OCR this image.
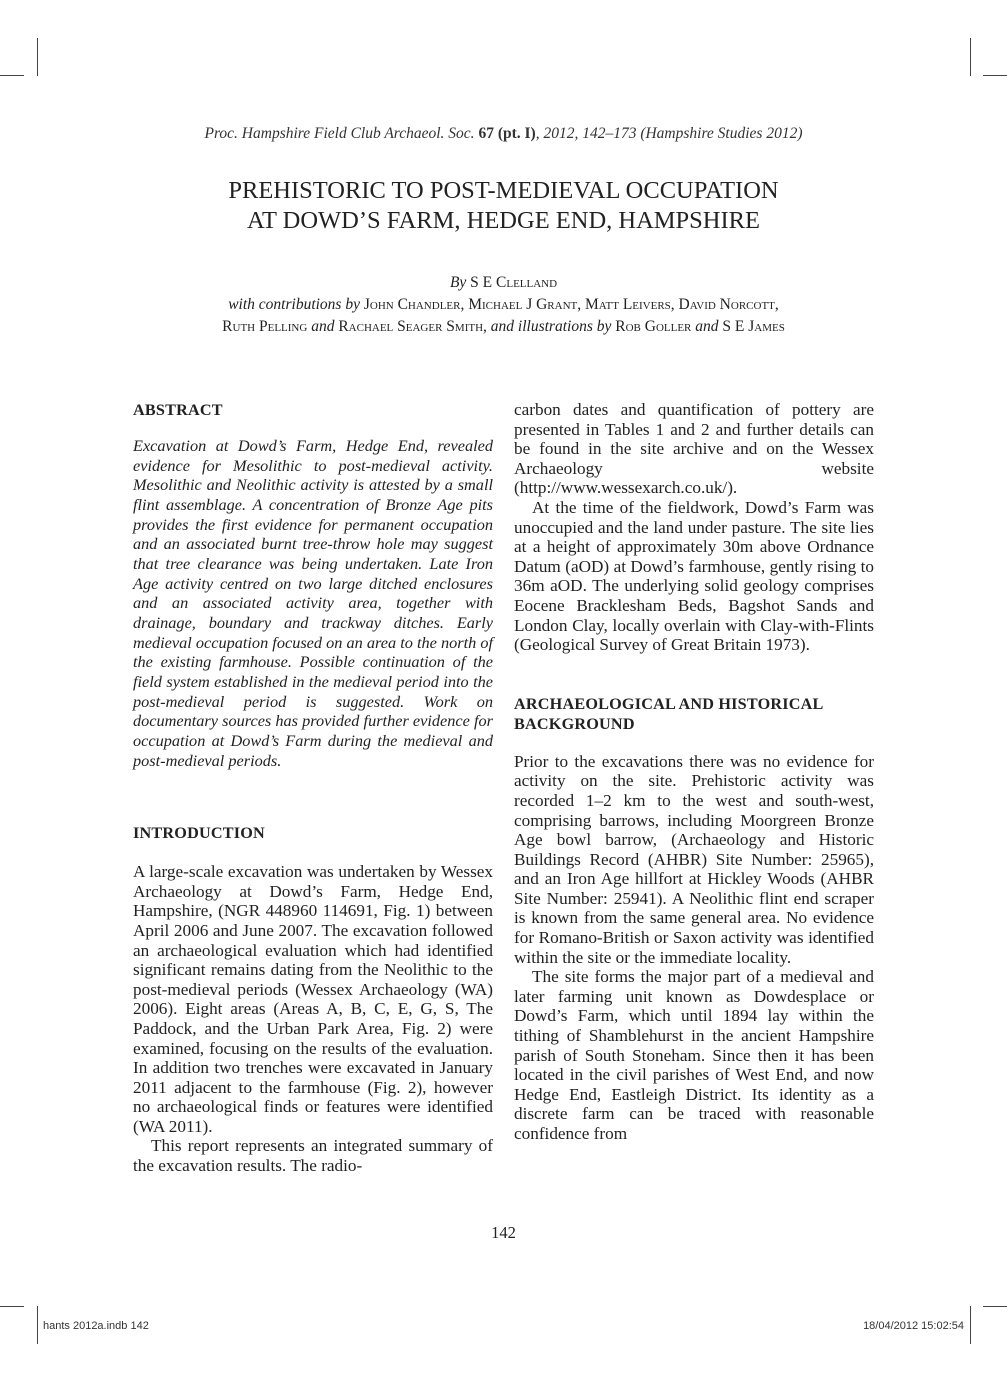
Proc. Hampshire Field Club Archaeol. Soc. 67 (pt. I), 2012, 142–173 (Hampshire Studies 2012)
PREHISTORIC TO POST-MEDIEVAL OCCUPATION
AT DOWD’S FARM, HEDGE END, HAMPSHIRE
By S E Clelland
with contributions by John Chandler, Michael J Grant, Matt Leivers, David Norcott,
Ruth Pelling and Rachael Seager Smith, and illustrations by Rob Goller and S E James
ABSTRACT

Excavation at Dowd’s Farm, Hedge End, revealed evidence for Mesolithic to post-medieval activity. Mesolithic and Neolithic activity is attested by a small flint assemblage. A concentration of Bronze Age pits provides the first evidence for permanent occupation and an associated burnt tree-throw hole may suggest that tree clearance was being undertaken. Late Iron Age activity centred on two large ditched enclosures and an associated activity area, together with drainage, boundary and trackway ditches. Early medieval occupation focused on an area to the north of the existing farmhouse. Possible continuation of the field system established in the medieval period into the post-medieval period is suggested. Work on documentary sources has provided further evidence for occupation at Dowd’s Farm during the medieval and post-medieval periods.

INTRODUCTION

A large-scale excavation was undertaken by Wessex Archaeology at Dowd’s Farm, Hedge End, Hampshire, (NGR 448960 114691, Fig. 1) between April 2006 and June 2007. The excavation followed an archaeological evaluation which had identified significant remains dating from the Neolithic to the post-medieval periods (Wessex Archaeology (WA) 2006). Eight areas (Areas A, B, C, E, G, S, The Paddock, and the Urban Park Area, Fig. 2) were examined, focusing on the results of the evaluation. In addition two trenches were excavated in January 2011 adjacent to the farmhouse (Fig. 2), however no archaeological finds or features were identified (WA 2011).

This report represents an integrated summary of the excavation results. The radio-

carbon dates and quantification of pottery are presented in Tables 1 and 2 and further details can be found in the site archive and on the Wessex Archaeology website (http://www.wessexarch.co.uk/).

At the time of the fieldwork, Dowd’s Farm was unoccupied and the land under pasture. The site lies at a height of approximately 30m above Ordnance Datum (aOD) at Dowd’s farmhouse, gently rising to 36m aOD. The underlying solid geology comprises Eocene Bracklesham Beds, Bagshot Sands and London Clay, locally overlain with Clay-with-Flints (Geological Survey of Great Britain 1973).

ARCHAEOLOGICAL AND HISTORICAL BACKGROUND

Prior to the excavations there was no evidence for activity on the site. Prehistoric activity was recorded 1–2 km to the west and south-west, comprising barrows, including Moorgreen Bronze Age bowl barrow, (Archaeology and Historic Buildings Record (AHBR) Site Number: 25965), and an Iron Age hillfort at Hickley Woods (AHBR Site Number: 25941). A Neolithic flint end scraper is known from the same general area. No evidence for Romano-British or Saxon activity was identified within the site or the immediate locality.

The site forms the major part of a medieval and later farming unit known as Dowdesplace or Dowd’s Farm, which until 1894 lay within the tithing of Shamblehurst in the ancient Hampshire parish of South Stoneham. Since then it has been located in the civil parishes of West End, and now Hedge End, Eastleigh District. Its identity as a discrete farm can be traced with reasonable confidence from

142
hants 2012a.indb 142	18/04/2012 15:02:54
